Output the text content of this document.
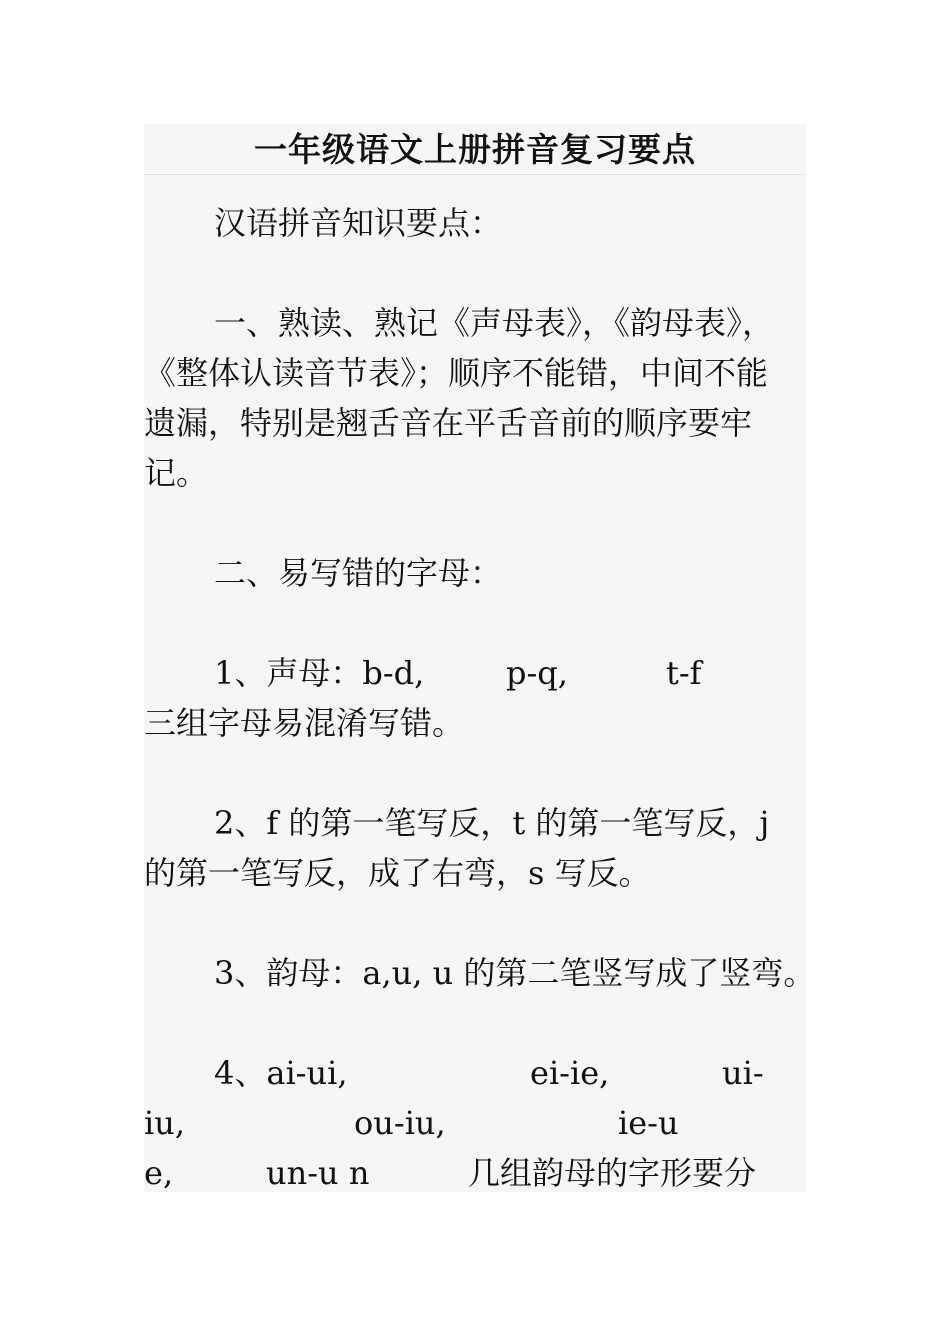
一年级语文上册拼音复习要点
汉语拼音知识要点：
一、熟读、熟记《声母表》，《韵母表》，
《整体认读音节表》；顺序不能错，中间不能
遗漏，特别是翘舌音在平舌音前的顺序要牢
记。
二、易写错的字母：
1、声母：b-d,	p-q,	t-f
三组字母易混淆写错。
2、f 的第一笔写反，t 的第一笔写反，j
的第一笔写反，成了右弯，s 写反。
3、韵母：a,u, u 的第二笔竖写成了竖弯。
4、ai-ui,	ei-ie,	ui-
iu,	ou-iu,	ie-u
e,	un-u n	几组韵母的字形要分
